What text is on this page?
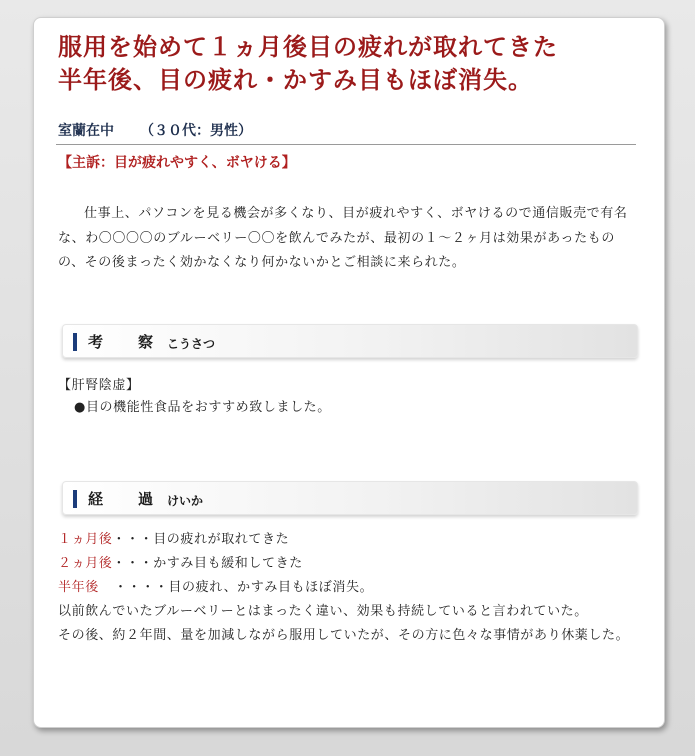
服用を始めて１ヵ月後目の疲れが取れてきた
半年後、目の疲れ・かすみ目もほぼ消失。
室蘭在中 （３０代：男性）
【主訴：目が疲れやすく、ボヤける】

仕事上、パソコンを見る機会が多くなり、目が疲れやすく、ボヤけるので通信販売で有名な、わ〇〇〇〇のブルーベリー〇〇を飲んでみたが、最初の１～２ヶ月は効果があったものの、その後まったく効かなくなり何かないかとご相談に来られた。

考　察 こうさつ
【肝腎陰虚】
●目の機能性食品をおすすめ致しました。
経　過 けいか
１ヵ月後・・・目の疲れが取れてきた
２ヵ月後・・・かすみ目も緩和してきた
半年後 ・・・・目の疲れ、かすみ目もほぼ消失。
以前飲んでいたブルーベリーとはまったく違い、効果も持続していると言われていた。
その後、約２年間、量を加減しながら服用していたが、その方に色々な事情があり休薬した。
